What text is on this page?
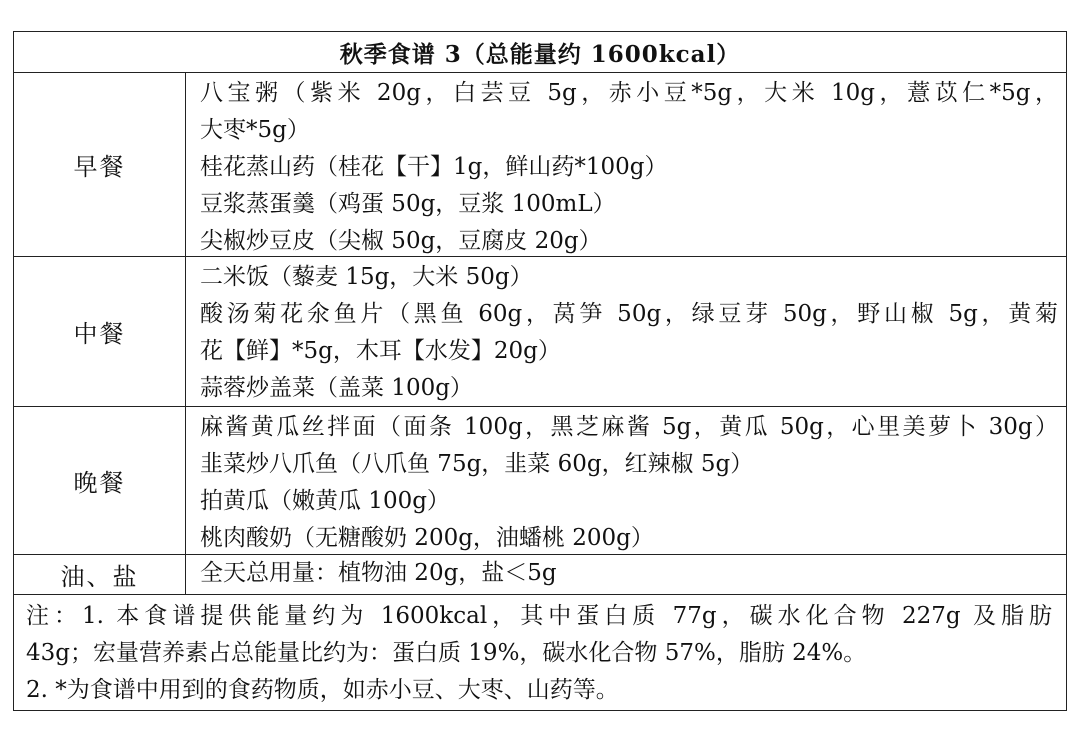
秋季食谱 3（总能量约 1600kcal）
早餐
八宝粥（紫米 20g，白芸豆 5g，赤小豆*5g，大米 10g，薏苡仁*5g，
大枣*5g）
桂花蒸山药（桂花【干】1g，鲜山药*100g）
豆浆蒸蛋羹（鸡蛋 50g，豆浆 100mL）
尖椒炒豆皮（尖椒 50g，豆腐皮 20g）
中餐
二米饭（藜麦 15g，大米 50g）
酸汤菊花氽鱼片（黑鱼 60g，莴笋 50g，绿豆芽 50g，野山椒 5g，黄菊
花【鲜】*5g，木耳【水发】20g）
蒜蓉炒盖菜（盖菜 100g）
晚餐
麻酱黄瓜丝拌面（面条 100g，黑芝麻酱 5g，黄瓜 50g，心里美萝卜 30g）
韭菜炒八爪鱼（八爪鱼 75g，韭菜 60g，红辣椒 5g）
拍黄瓜（嫩黄瓜 100g）
桃肉酸奶（无糖酸奶 200g，油蟠桃 200g）
油、盐	全天总用量：植物油 20g，盐＜5g
注：1. 本食谱提供能量约为 1600kcal，其中蛋白质 77g，碳水化合物 227g 及脂肪
43g；宏量营养素占总能量比约为：蛋白质 19%，碳水化合物 57%，脂肪 24%。
2. *为食谱中用到的食药物质，如赤小豆、大枣、山药等。
